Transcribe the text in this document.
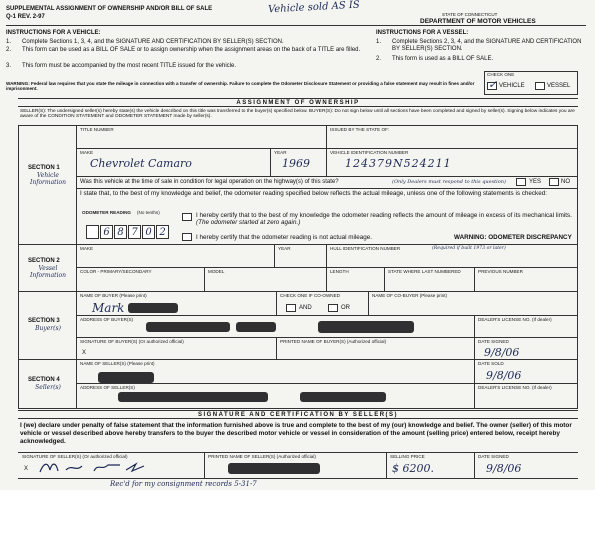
SUPPLEMENTAL ASSIGNMENT OF OWNERSHIP AND/OR BILL OF SALE
Q-1 REV. 2-97
Vehicle sold AS IS	STATE OF CONNECTICUT
DEPARTMENT OF MOTOR VEHICLES
INSTRUCTIONS FOR A VEHICLE:
1. Complete Sections 1, 3, 4, and the SIGNATURE AND CERTIFICATION BY SELLER(S) SECTION.
2. This form can be used as a BILL OF SALE or to assign ownership when the assignment areas on the back of a TITLE are filled.
3. This form must be accompanied by the most recent TITLE issued for the vehicle.
INSTRUCTIONS FOR A VESSEL:
1. Complete Sections 2, 3, 4, and the SIGNATURE AND CERTIFICATION BY SELLER(S) SECTION.
2. This form is used as a BILL OF SALE.
CHECK ONE
✓ VEHICLE	VESSEL
WARNING: Federal law requires that you state the mileage in connection with a transfer of ownership. Failure to complete the Odometer Disclosure Statement or providing a false statement may result in fines and/or imprisonment.
ASSIGNMENT OF OWNERSHIP
SELLER(S): The undersigned seller(s) hereby state(s) the vehicle described on this title was transferred to the buyer(s) specified below. BUYER(S): Do not sign below until all sections have been completed and signed by seller(s). Signing below indicates you are aware of the CONDITION STATEMENT and ODOMETER STATEMENT made by seller(s).
SECTION 1
Vehicle Information
TITLE NUMBER	ISSUED BY THE STATE OF:
MAKE
Chevrolet Camaro
YEAR
1969
VEHICLE IDENTIFICATION NUMBER
124379N524211
Was this vehicle at the time of sale in condition for legal operation on the highway(s) of this state?	(Only Dealers must respond to this question)	YES	NO
I state that, to the best of my knowledge and belief, the odometer reading specified below reflects the actual mileage, unless one of the following statements is checked:
ODOMETER READING (No tenths)
6 8 7 0 2
I hereby certify that to the best of my knowledge the odometer reading reflects the amount of mileage in excess of its mechanical limits. (The odometer started at zero again.)
I hereby certify that the odometer reading is not actual mileage.	WARNING: ODOMETER DISCREPANCY
SECTION 2
Vessel Information
MAKE	YEAR	HULL IDENTIFICATION NUMBER	(Required if built 1973 or later)
COLOR - PRIMARY/SECONDARY	MODEL	LENGTH	STATE WHERE LAST NUMBERED	PREVIOUS NUMBER
SECTION 3
Buyer(s)
NAME OF BUYER (Please print)
Mark
CHECK ONE IF CO-OWNED
AND	OR
NAME OF CO-BUYER (Please print)
ADDRESS OF BUYER(S)	DEALER'S LICENSE NO. (If dealer)
SIGNATURE OF BUYER(S) (Or authorized official)
X
PRINTED NAME OF BUYER(S) (Authorized official)	DATE SIGNED
9/8/06
SECTION 4
Seller(s)
NAME OF SELLER(S) (Please print)	DATE SOLD
9/8/06
ADDRESS OF SELLER(S)	DEALER'S LICENSE NO. (If dealer)
SIGNATURE AND CERTIFICATION BY SELLER(S)
I (we) declare under penalty of false statement that the information furnished above is true and complete to the best of my (our) knowledge and belief. The owner (seller) of this motor vehicle or vessel described above hereby transfers to the buyer the described motor vehicle or vessel in consideration of the amount (selling price) entered below, receipt hereby acknowledged.
SIGNATURE OF SELLER(S) (Or authorized official)
X
PRINTED NAME OF SELLER(S) (Authorized official)	SELLING PRICE
$ 6200.
DATE SIGNED
9/8/06
Rec'd for my consignment records 5-31-7
